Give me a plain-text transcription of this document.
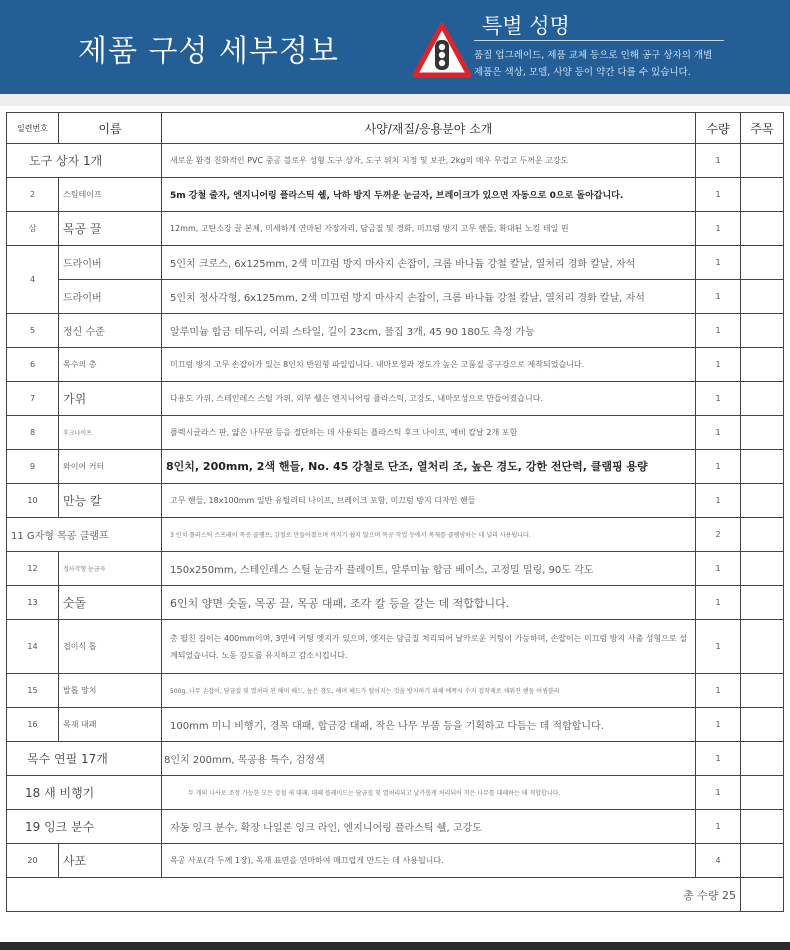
제품 구성 세부정보
특별 성명
품질 업그레이드, 제품 교체 등으로 인해 공구 상자의 개별 제품은 색상, 모델, 사양 등이 약간 다를 수 있습니다.
일련번호	이름	사양/재질/응용분야 소개	수량	주목
도구 상자 1개		새로운 환경 친화적인 PVC 중공 블로우 성형 도구 상자, 도구 위치 지정 및 보관, 2kg의 매우 무겁고 두꺼운 고강도	1	
2	스팀테이프	5m 강철 줄자, 엔지니어링 플라스틱 쉘, 낙하 방지 두꺼운 눈금자, 브레이크가 있으면 자동으로 0으로 돌아갑니다.	1	
삼	목공 끌	12mm, 고탄소강 끌 본체, 미세하게 연마된 가장자리, 담금질 및 경화, 미끄럼 방지 고무 핸들, 확대된 노킹 테일 핀	1	
4	드라이버	5인치 크로스, 6x125mm, 2색 미끄럼 방지 마사지 손잡이, 크롬 바나듐 강철 칼날, 열처리 경화 칼날, 자석	1	
	드라이버	5인치 정사각형, 6x125mm, 2색 미끄럼 방지 마사지 손잡이, 크롬 바나듐 강철 칼날, 열처리 경화 칼날, 자석	1	
5	정신 수준	알루미늄 합금 테두리, 어뢰 스타일, 길이 23cm, 물집 3개, 45 90 180도 측정 가능	1	
6	목수의 총	미끄럼 방지 고무 손잡이가 있는 8인치 반원형 파일입니다. 내마모성과 경도가 높은 고품질 공구강으로 제작되었습니다.	1	
7	가위	다용도 가위, 스테인레스 스틸 가위, 외부 쉘은 엔지니어링 플라스틱, 고강도, 내마모성으로 만들어졌습니다.	1	
8	후크나이프	플렉시글라스 판, 얇은 나무판 등을 절단하는 데 사용되는 플라스틱 후크 나이프, 예비 칼날 2개 포함	1	
9	와이어 커터	8인치, 200mm, 2색 핸들, No. 45 강철로 단조, 열처리 조, 높은 경도, 강한 전단력, 클램핑 용량	1	
10	만능 칼	고무 핸들, 18x100mm 일반 유틸리티 나이프, 브레이크 포함, 미끄럼 방지 디자인 핸들	1	
11 G자형 목공 클램프		3 인치 플라스틱 스프레이 목공 클램프, 강철로 만들어졌으며 꺼지기 쉽지 않으며 목공 작업 등에서 목재를 클램핑하는 데 널리 사용됩니다.	2	
12	정사각형 눈금자	150x250mm, 스테인레스 스틸 눈금자 플레이트, 알루미늄 합금 베이스, 고정밀 밀링, 90도 각도	1	
13	숫돌	6인치 양면 숫돌, 목공 끌, 목공 대패, 조각 칼 등을 갈는 데 적합합니다.	1	
14	접이식 톱	총 펼친 길이는 400mm이며, 3면에 커팅 엣지가 있으며, 엣지는 담금질 처리되어 날카로운 커팅이 가능하며, 손잡이는 미끄럼 방지 사출 성형으로 설계되었습니다. 노동 강도를 유지하고 감소시킵니다.	1	
15	발톱 망치	500g, 나무 손잡이, 담금질 및 열처리 된 해머 헤드, 높은 경도, 해머 헤드가 떨어지는 것을 방지하기 위해 에폭시 수지 접착제로 채워진 핸들 어셈블리	1	
16	목재 대패	100mm 미니 비행기, 경목 대패, 합금강 대패, 작은 나무 부품 등을 기획하고 다듬는 데 적합합니다.	1	
목수 연필 17개		8인치 200mm, 목공용 특수, 검정색	1	
18 새 비행기		두 개의 나사로 조정 가능한 모든 강철 새 대패, 대패 블레이드는 담금질 및 열처리되고 날카롭게 처리되어 작은 나무를 대패하는 데 적합합니다.	1	
19 잉크 분수		자동 잉크 분수, 확장 나일론 잉크 라인, 엔지니어링 플라스틱 쉘, 고강도	1	
20	사포	목공 사포(각 두께 1장), 목재 표면을 연마하여 매끄럽게 만드는 데 사용됩니다.	4	
총 수량 25				
